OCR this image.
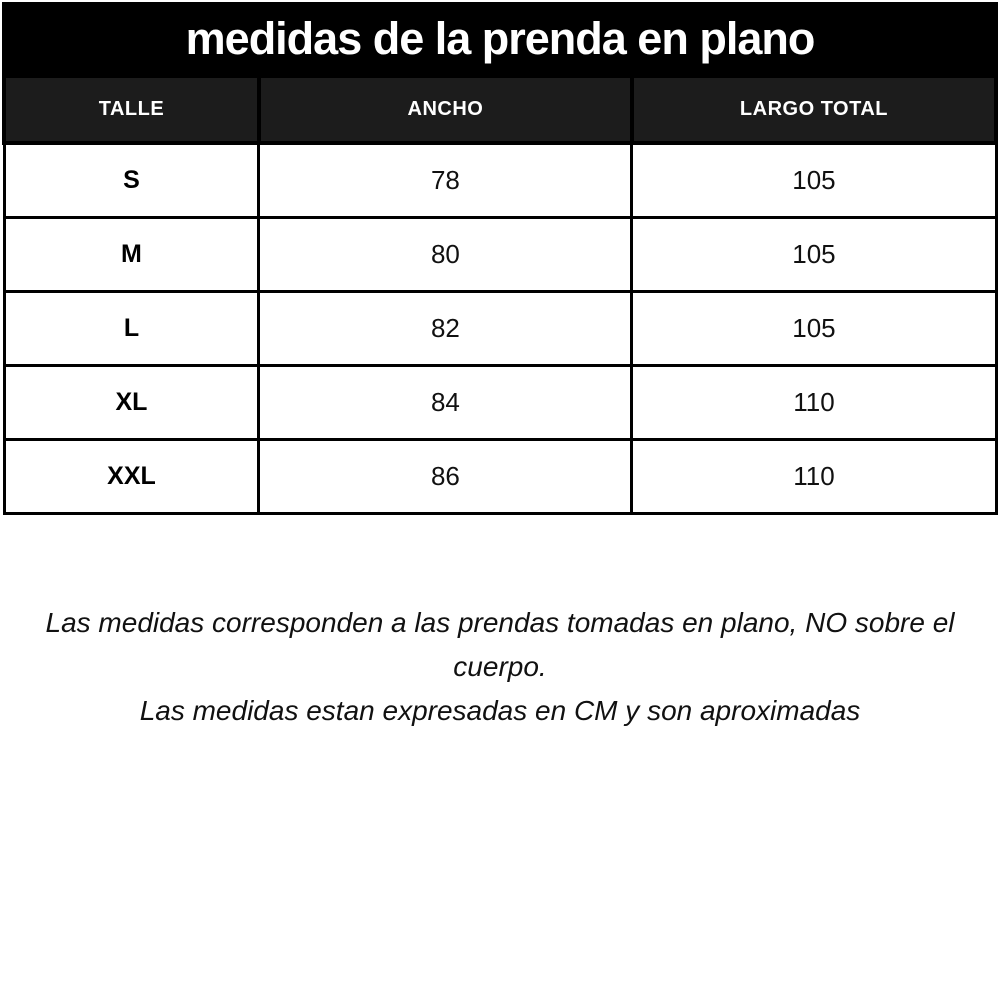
medidas de la prenda en plano
TALLE	ANCHO	LARGO TOTAL
S	78	105
M	80	105
L	82	105
XL	84	110
XXL	86	110

Las medidas corresponden a las prendas tomadas en plano, NO sobre el cuerpo.

Las medidas estan expresadas en CM y son aproximadas
